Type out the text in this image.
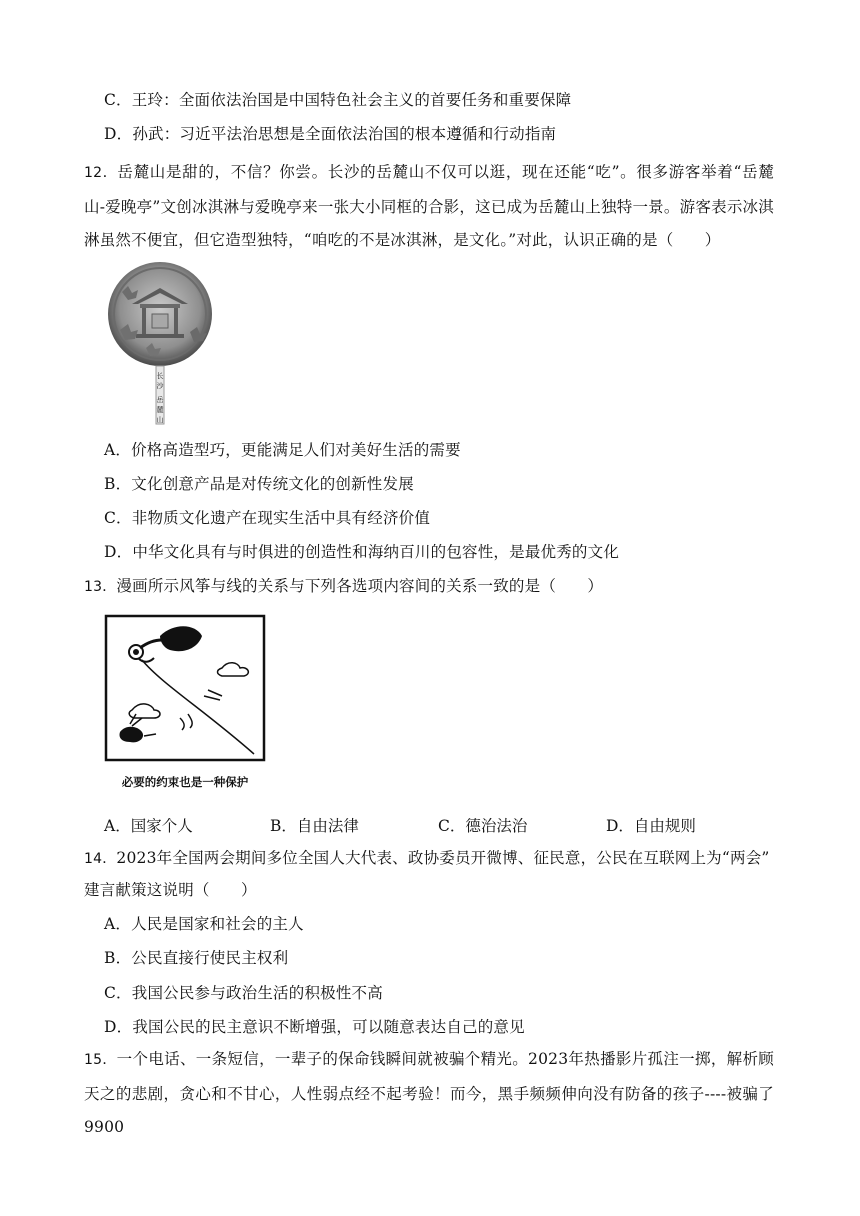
C．王玲：全面依法治国是中国特色社会主义的首要任务和重要保障
D．孙武：习近平法治思想是全面依法治国的根本遵循和行动指南
12．岳麓山是甜的，不信？你尝。长沙的岳麓山不仅可以逛，现在还能“吃”。很多游客举着“岳麓山-爱晚亭”文创冰淇淋与爱晚亭来一张大小同框的合影，这已成为岳麓山上独特一景。游客表示冰淇淋虽然不便宜，但它造型独特，“咱吃的不是冰淇淋，是文化。”对此，认识正确的是（　　）
长
沙
岳
麓
山
A．价格高造型巧，更能满足人们对美好生活的需要
B．文化创意产品是对传统文化的创新性发展
C．非物质文化遗产在现实生活中具有经济价值
D．中华文化具有与时俱进的创造性和海纳百川的包容性，是最优秀的文化
13．漫画所示风筝与线的关系与下列各选项内容间的关系一致的是（　　）
必要的约束也是一种保护
A．国家个人	B．自由法律	C．德治法治	D．自由规则
14．2023年全国两会期间多位全国人大代表、政协委员开微博、征民意，公民在互联网上为“两会”
建言献策这说明（　　）
A．人民是国家和社会的主人
B．公民直接行使民主权利
C．我国公民参与政治生活的积极性不高
D．我国公民的民主意识不断增强，可以随意表达自己的意见
15．一个电话、一条短信，一辈子的保命钱瞬间就被骗个精光。2023年热播影片孤注一掷，解析顾天之的悲剧，贪心和不甘心，人性弱点经不起考验！而今，黑手频频伸向没有防备的孩子----被骗了9900
